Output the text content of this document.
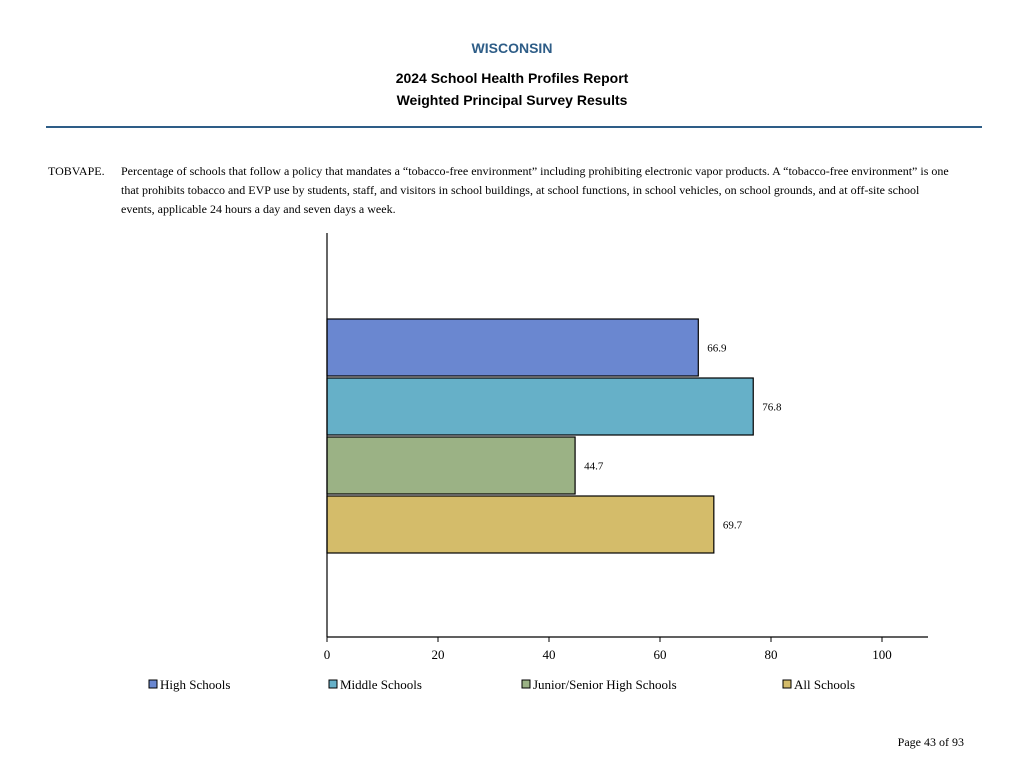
WISCONSIN
2024 School Health Profiles Report
Weighted Principal Survey Results
TOBVAPE. Percentage of schools that follow a policy that mandates a “tobacco-free environment” including prohibiting electronic vapor products. A “tobacco-free environment” is one that prohibits tobacco and EVP use by students, staff, and visitors in school buildings, at school functions, in school vehicles, on school grounds, and at off-site school events, applicable 24 hours a day and seven days a week.
66.9
76.8
44.7
69.7
0	20	40	60	80	100
High Schools	Middle Schools	Junior/Senior High Schools	All Schools
Page 43 of 93
